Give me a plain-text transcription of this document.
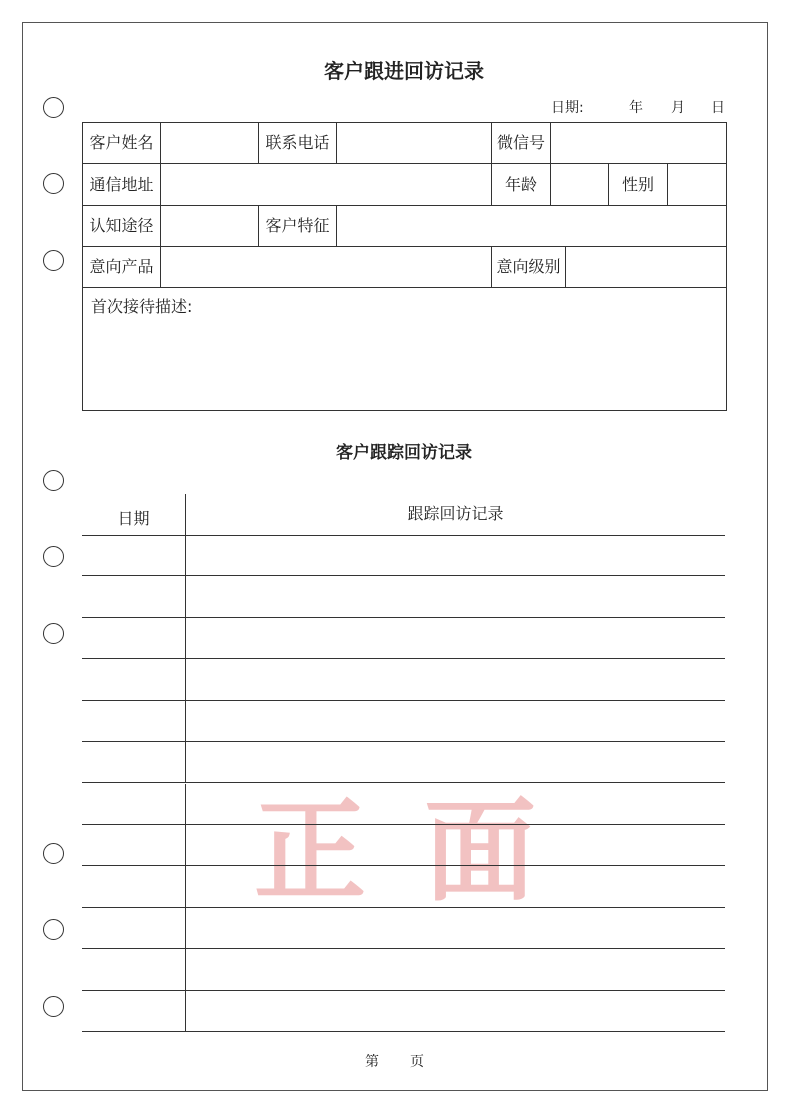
正面
客户跟进回访记录
日期:	年 月 日
客户姓名	联系电话	微信号
通信地址	年龄	性别
认知途径	客户特征
意向产品	意向级别
首次接待描述:
客户跟踪回访记录
日期	跟踪回访记录
第 页
